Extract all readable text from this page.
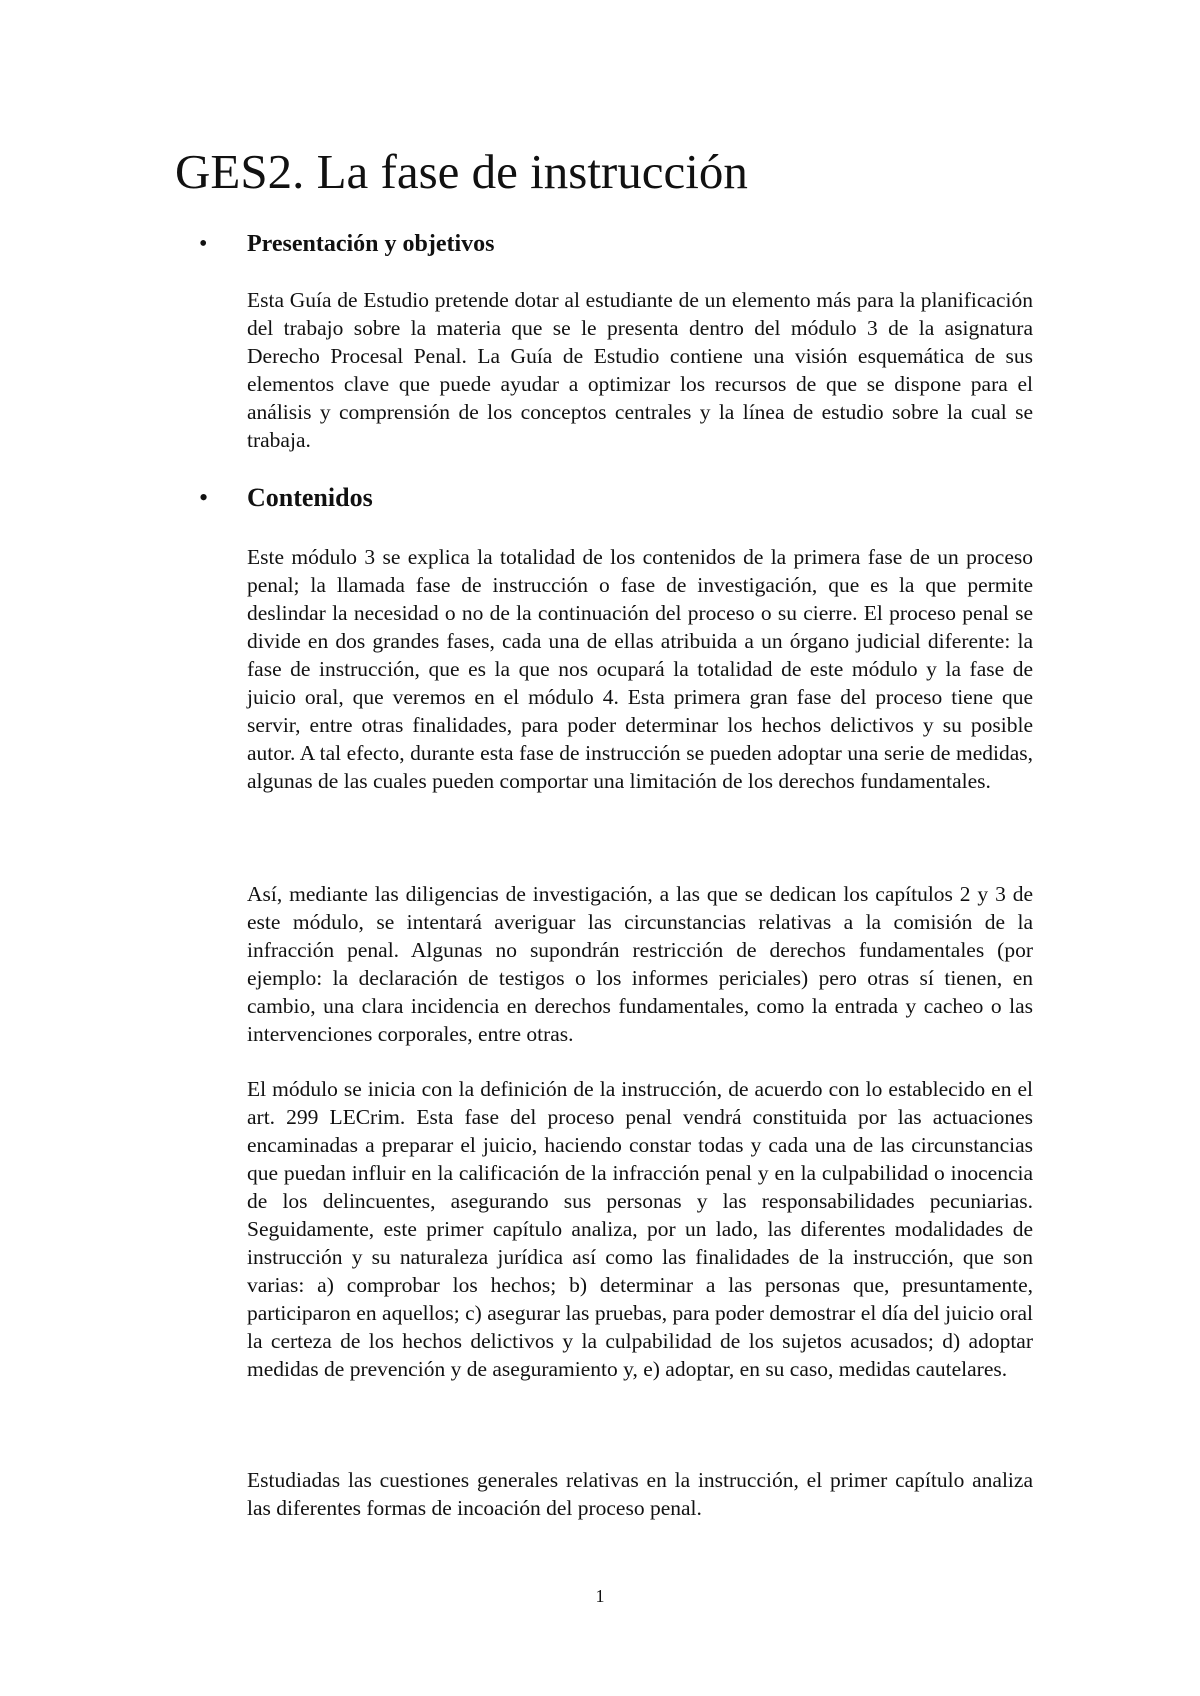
GES2. La fase de instrucción
• Presentación y objetivos

Esta Guía de Estudio pretende dotar al estudiante de un elemento más para la planificación del trabajo sobre la materia que se le presenta dentro del módulo 3 de la asignatura Derecho Procesal Penal. La Guía de Estudio contiene una visión esquemática de sus elementos clave que puede ayudar a optimizar los recursos de que se dispone para el análisis y comprensión de los conceptos centrales y la línea de estudio sobre la cual se trabaja.

• Contenidos

Este módulo 3 se explica la totalidad de los contenidos de la primera fase de un proceso penal; la llamada fase de instrucción o fase de investigación, que es la que permite deslindar la necesidad o no de la continuación del proceso o su cierre. El proceso penal se divide en dos grandes fases, cada una de ellas atribuida a un órgano judicial diferente: la fase de instrucción, que es la que nos ocupará la totalidad de este módulo y la fase de juicio oral, que veremos en el módulo 4. Esta primera gran fase del proceso tiene que servir, entre otras finalidades, para poder determinar los hechos delictivos y su posible autor. A tal efecto, durante esta fase de instrucción se pueden adoptar una serie de medidas, algunas de las cuales pueden comportar una limitación de los derechos fundamentales.

Así, mediante las diligencias de investigación, a las que se dedican los capítulos 2 y 3 de este módulo, se intentará averiguar las circunstancias relativas a la comisión de la infracción penal. Algunas no supondrán restricción de derechos fundamentales (por ejemplo: la declaración de testigos o los informes periciales) pero otras sí tienen, en cambio, una clara incidencia en derechos fundamentales, como la entrada y cacheo o las intervenciones corporales, entre otras.

El módulo se inicia con la definición de la instrucción, de acuerdo con lo establecido en el art. 299 LECrim. Esta fase del proceso penal vendrá constituida por las actuaciones encaminadas a preparar el juicio, haciendo constar todas y cada una de las circunstancias que puedan influir en la calificación de la infracción penal y en la culpabilidad o inocencia de los delincuentes, asegurando sus personas y las responsabilidades pecuniarias. Seguidamente, este primer capítulo analiza, por un lado, las diferentes modalidades de instrucción y su naturaleza jurídica así como las finalidades de la instrucción, que son varias: a) comprobar los hechos; b) determinar a las personas que, presuntamente, participaron en aquellos; c) asegurar las pruebas, para poder demostrar el día del juicio oral la certeza de los hechos delictivos y la culpabilidad de los sujetos acusados; d) adoptar medidas de prevención y de aseguramiento y, e) adoptar, en su caso, medidas cautelares.

Estudiadas las cuestiones generales relativas en la instrucción, el primer capítulo analiza las diferentes formas de incoación del proceso penal.

1
